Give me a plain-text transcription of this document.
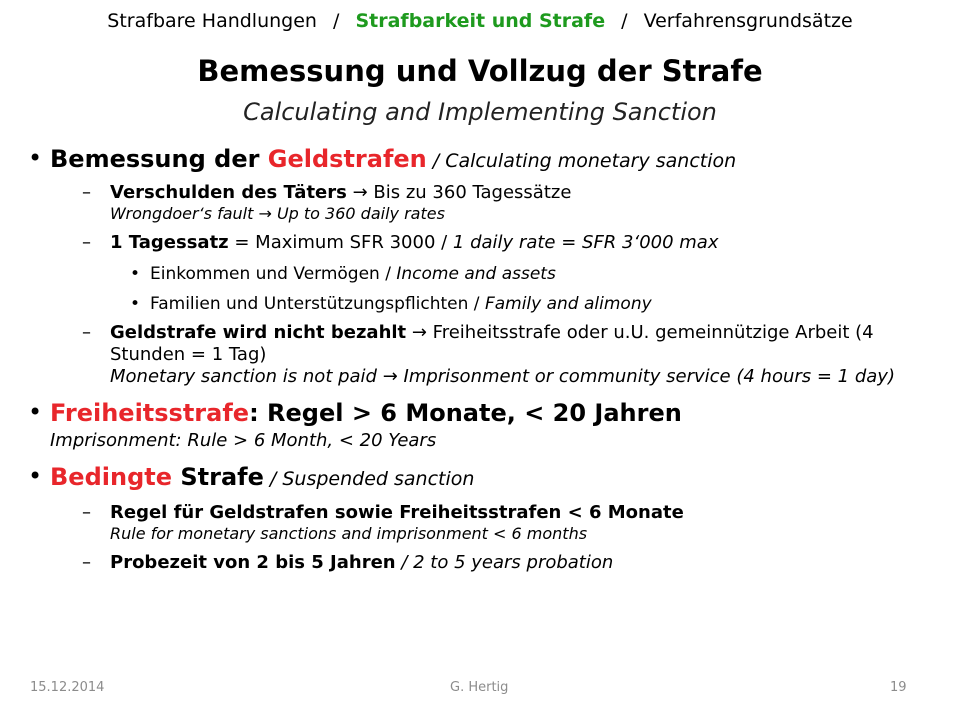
Strafbare Handlungen / Strafbarkeit und Strafe / Verfahrensgrundsätze
Bemessung und Vollzug der Strafe
Calculating and Implementing Sanction
• Bemessung der Geldstrafen / Calculating monetary sanction
– Verschulden des Täters → Bis zu 360 Tagessätze
Wrongdoer‘s fault → Up to 360 daily rates
– 1 Tagessatz = Maximum SFR 3000 / 1 daily rate = SFR 3‘000 max
• Einkommen und Vermögen / Income and assets
• Familien und Unterstützungspflichten / Family and alimony
– Geldstrafe wird nicht bezahlt → Freiheitsstrafe oder u.U. gemeinnützige Arbeit (4 Stunden = 1 Tag)
Monetary sanction is not paid → Imprisonment or community service (4 hours = 1 day)
• Freiheitsstrafe: Regel > 6 Monate, < 20 Jahren
Imprisonment: Rule > 6 Month, < 20 Years
• Bedingte Strafe / Suspended sanction
– Regel für Geldstrafen sowie Freiheitsstrafen < 6 Monate
Rule for monetary sanctions and imprisonment < 6 months
– Probezeit von 2 bis 5 Jahren / 2 to 5 years probation
15.12.2014	G. Hertig	19
